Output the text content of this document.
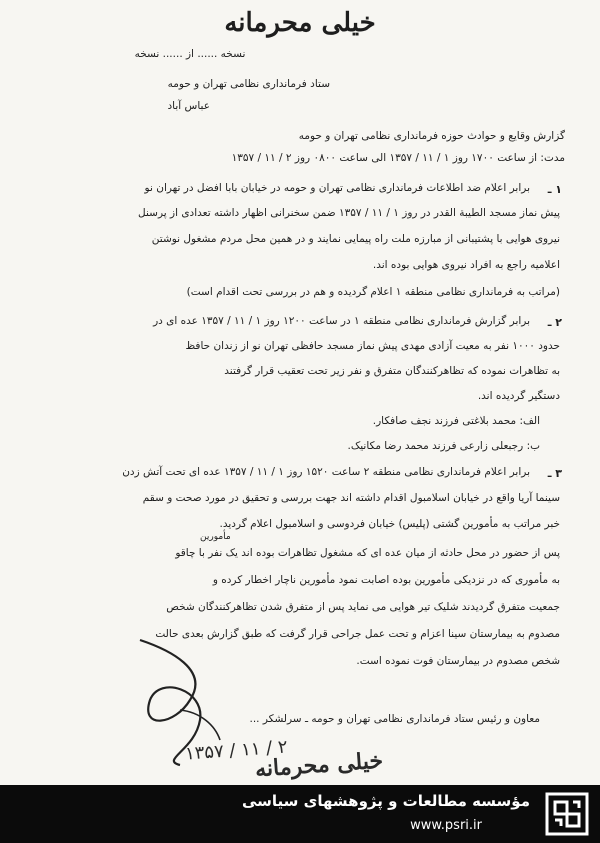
خیلی محرمانه
نسخه ...... از ...... نسخه
ستاد فرمانداری نظامی تهران و حومه
عباس آباد
گزارش وقایع و حوادث حوزه فرمانداری نظامی تهران و حومه
مدت: از ساعت ۱۷۰۰ روز ۱ / ۱۱ / ۱۳۵۷ الی ساعت ۰۸۰۰ روز ۲ / ۱۱ / ۱۳۵۷
۱ ـ
برابر اعلام ضد اطلاعات فرمانداری نظامی تهران و حومه در خیابان بابا افضل در تهران نو
پیش نماز مسجد الطیبة القدر در روز ۱ / ۱۱ / ۱۳۵۷ ضمن سخنرانی اظهار داشته تعدادی از پرسنل
نیروی هوایی با پشتیبانی از مبارزه ملت راه پیمایی نمایند و در همین محل مردم مشغول نوشتن
اعلامیه راجع به افراد نیروی هوایی بوده اند.
(مراتب به فرمانداری نظامی منطقه ۱ اعلام گردیده و هم در بررسی تحت اقدام است)
۲ ـ
برابر گزارش فرمانداری نظامی منطقه ۱ در ساعت ۱۲۰۰ روز ۱ / ۱۱ / ۱۳۵۷ عده ای در
حدود ۱۰۰۰ نفر به معیت آزادی مهدی پیش نماز مسجد حافظی تهران نو از زندان حافظ
به تظاهرات نموده که تظاهرکنندگان متفرق و نفر زیر تحت تعقیب قرار گرفتند
دستگیر گردیده اند.
الف: محمد بلاغتی فرزند نجف صافکار.
ب: رجبعلی زارعی فرزند محمد رضا مکانیک.
۳ ـ
برابر اعلام فرمانداری نظامی منطقه ۲ ساعت ۱۵۲۰ روز ۱ / ۱۱ / ۱۳۵۷ عده ای تحت آتش زدن
سینما آریا واقع در خیابان اسلامبول اقدام داشته اند جهت بررسی و تحقیق در مورد صحت و سقم
خبر مراتب به مأمورین گشتی (پلیس) خیابان فردوسی و اسلامبول اعلام گردید.
مأمورین
پس از حضور در محل حادثه از میان عده ای که مشغول تظاهرات بوده اند یک نفر با چاقو
به مأموری که در نزدیکی مأمورین بوده اصابت نمود مأمورین ناچار اخطار کرده و
جمعیت متفرق گردیدند شلیک تیر هوایی می نماید پس از متفرق شدن تظاهرکنندگان شخص
مصدوم به بیمارستان سینا اعزام و تحت عمل جراحی قرار گرفت که طبق گزارش بعدی حالت
شخص مصدوم در بیمارستان فوت نموده است.
معاون و رئیس ستاد فرمانداری نظامی تهران و حومه ـ سرلشکر ...
۱۳۵۷ / ۱۱ / ۲
خیلی محرمانه
مؤسسه مطالعات و پژوهشهای سیاسی
www.psri.ir
